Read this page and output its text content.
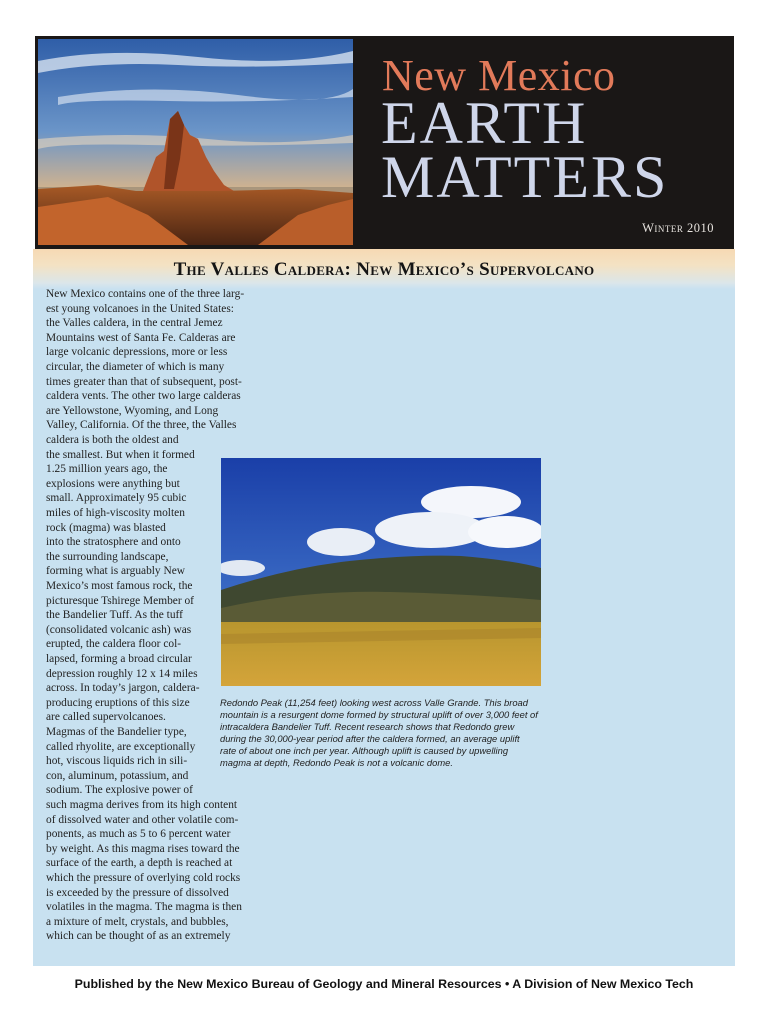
New Mexico
EARTH
MATTERS
Winter 2010
The Valles Caldera: New Mexico’s Supervolcano
New Mexico contains one of the three larg-
est young volcanoes in the United States:
the Valles caldera, in the central Jemez
Mountains west of Santa Fe. Calderas are
large volcanic depressions, more or less
circular, the diameter of which is many
times greater than that of subsequent, post-
caldera vents. The other two large calderas
are Yellowstone, Wyoming, and Long
Valley, California. Of the three, the Valles
caldera is both the oldest and
the smallest. But when it formed
1.25 million years ago, the
explosions were anything but
small. Approximately 95 cubic
miles of high-viscosity molten
rock (magma) was blasted
into the stratosphere and onto
the surrounding landscape,
forming what is arguably New
Mexico’s most famous rock, the
picturesque Tshirege Member of
the Bandelier Tuff. As the tuff
(consolidated volcanic ash) was
erupted, the caldera floor col-
lapsed, forming a broad circular
depression roughly 12 x 14 miles
across. In today’s jargon, caldera-
producing eruptions of this size
are called supervolcanoes.
Magmas of the Bandelier type,
called rhyolite, are exceptionally
hot, viscous liquids rich in sili-
con, aluminum, potassium, and
sodium. The explosive power of
such magma derives from its high content
of dissolved water and other volatile com-
ponents, as much as 5 to 6 percent water
by weight. As this magma rises toward the
surface of the earth, a depth is reached at
which the pressure of overlying cold rocks
is exceeded by the pressure of dissolved
volatiles in the magma. The magma is then
a mixture of melt, crystals, and bubbles,
which can be thought of as an extremely
Redondo Peak (11,254 feet) looking west across Valle Grande. This broad mountain is a resurgent dome formed by structural uplift of over 3,000 feet of intracaldera Bandelier Tuff. Recent research shows that Redondo grew during the 30,000-year period after the caldera formed, an average uplift rate of about one inch per year. Although uplift is caused by upwelling magma at depth, Redondo Peak is not a volcanic dome.
Published by the New Mexico Bureau of Geology and Mineral Resources • A Division of New Mexico Tech
